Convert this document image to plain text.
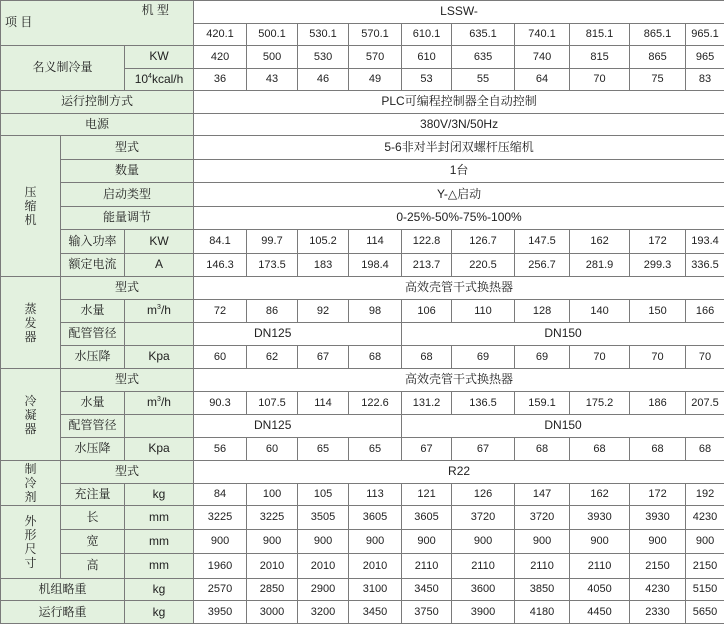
项 目
机 型			LSSW-									
			420.1	500.1	530.1	570.1	610.1	635.1	740.1	815.1	865.1	965.1
名义制冷量		KW	420	500	530	570	610	635	740	815	865	965
		$10^4kcal/h$	36	43	46	49	53	55	64	70	75	83
运行控制方式			PLC可编程控制器全自动控制									
电源			380V/3N/50Hz									

压
缩
机	型式		5-6非对半封闭双螺杆压缩机									
	数量		1台									
	启动类型		Y-△启动									
	能量调节		0-25%-50%-75%-100%									
	输入功率	KW	84.1	99.7	105.2	114	122.8	126.7	147.5	162	172	193.4
	额定电流	A	146.3	173.5	183	198.4	213.7	220.5	256.7	281.9	299.3	336.5

蒸
发
器	型式		高效壳管干式换热器									
	水量	$m^3/h$	72	86	92	98	106	110	128	140	150	166
	配管管径		DN125				DN150					
	水压降	Kpa	60	62	67	68	68	69	69	70	70	70

冷
凝
器	型式		高效壳管干式换热器									
	水量	$m^3/h$	90.3	107.5	114	122.6	131.2	136.5	159.1	175.2	186	207.5
	配管管径		DN125				DN150					
	水压降	Kpa	56	60	65	65	67	67	68	68	68	68

制
冷
剂	型式		R22									
	充注量	kg	84	100	105	113	121	126	147	162	172	192

外
形
尺
寸	长	mm	3225	3225	3505	3605	3605	3720	3720	3930	3930	4230
	宽	mm	900	900	900	900	900	900	900	900	900	900
	高	mm	1960	2010	2010	2010	2110	2110	2110	2110	2150	2150
机组略重		kg	2570	2850	2900	3100	3450	3600	3850	4050	4230	5150
运行略重		kg	3950	3000	3200	3450	3750	3900	4180	4450	2330	5650
